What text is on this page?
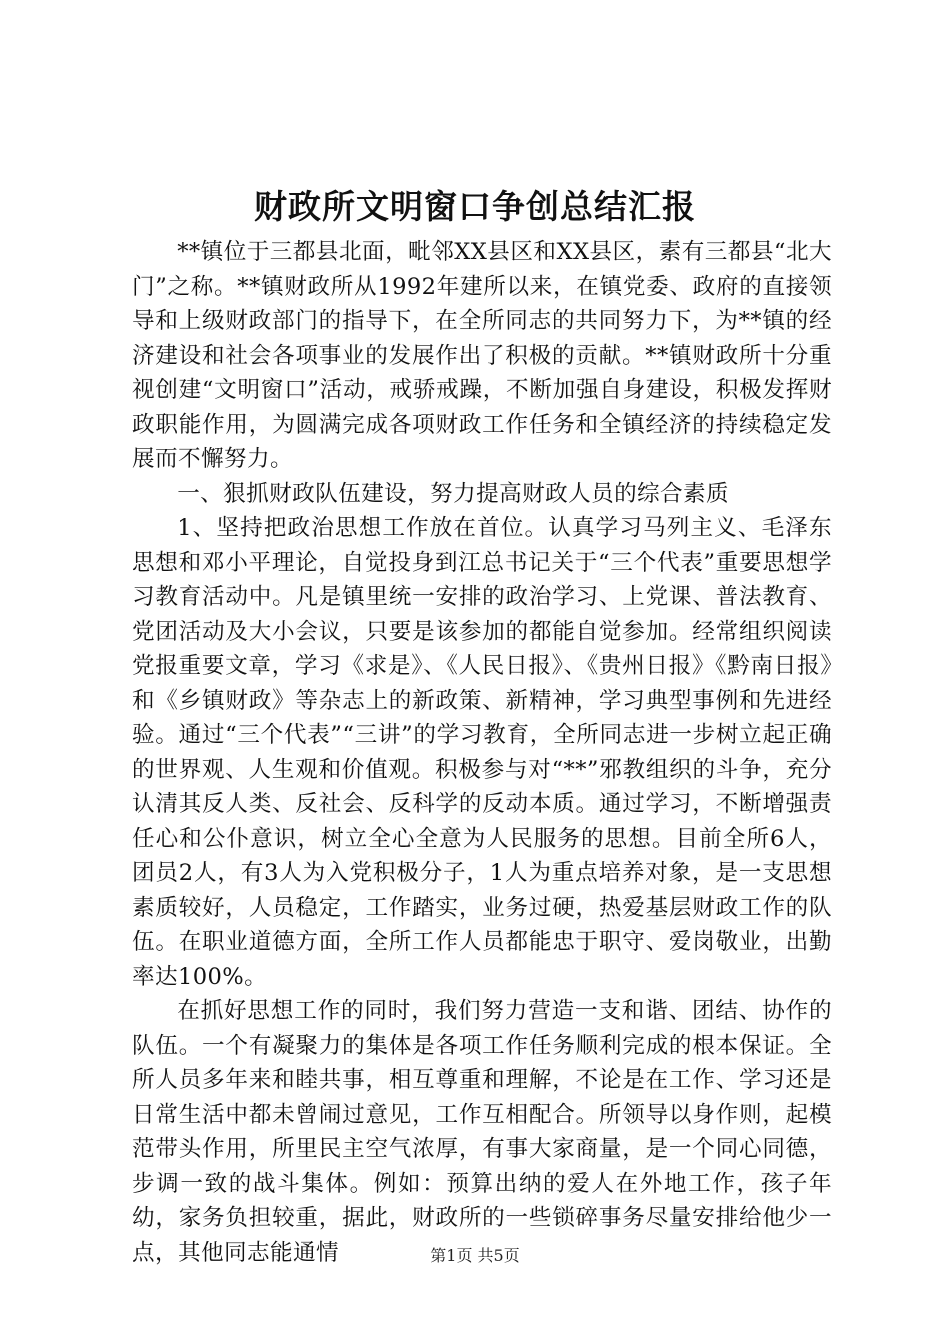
财政所文明窗口争创总结汇报

**镇位于三都县北面，毗邻XX县区和XX县区，素有三都县“北大门”之称。**镇财政所从1992年建所以来，在镇党委、政府的直接领导和上级财政部门的指导下，在全所同志的共同努力下，为**镇的经济建设和社会各项事业的发展作出了积极的贡献。**镇财政所十分重视创建“文明窗口”活动，戒骄戒躁，不断加强自身建设，积极发挥财政职能作用，为圆满完成各项财政工作任务和全镇经济的持续稳定发展而不懈努力。

一、狠抓财政队伍建设，努力提高财政人员的综合素质

1、坚持把政治思想工作放在首位。认真学习马列主义、毛泽东思想和邓小平理论，自觉投身到江总书记关于“三个代表”重要思想学习教育活动中。凡是镇里统一安排的政治学习、上党课、普法教育、党团活动及大小会议，只要是该参加的都能自觉参加。经常组织阅读党报重要文章，学习《求是》、《人民日报》、《贵州日报》《黔南日报》和《乡镇财政》等杂志上的新政策、新精神，学习典型事例和先进经验。通过“三个代表”“三讲”的学习教育，全所同志进一步树立起正确的世界观、人生观和价值观。积极参与对“**”邪教组织的斗争，充分认清其反人类、反社会、反科学的反动本质。通过学习，不断增强责任心和公仆意识，树立全心全意为人民服务的思想。目前全所6人，团员2人，有3人为入党积极分子，1人为重点培养对象，是一支思想素质较好，人员稳定，工作踏实，业务过硬，热爱基层财政工作的队伍。在职业道德方面，全所工作人员都能忠于职守、爱岗敬业，出勤率达100%。

在抓好思想工作的同时，我们努力营造一支和谐、团结、协作的队伍。一个有凝聚力的集体是各项工作任务顺利完成的根本保证。全所人员多年来和睦共事，相互尊重和理解，不论是在工作、学习还是日常生活中都未曾闹过意见，工作互相配合。所领导以身作则，起模范带头作用，所里民主空气浓厚，有事大家商量，是一个同心同德，步调一致的战斗集体。例如：预算出纳的爱人在外地工作，孩子年幼，家务负担较重，据此，财政所的一些锁碎事务尽量安排给他少一点，其他同志能通情	第1页 共5页
